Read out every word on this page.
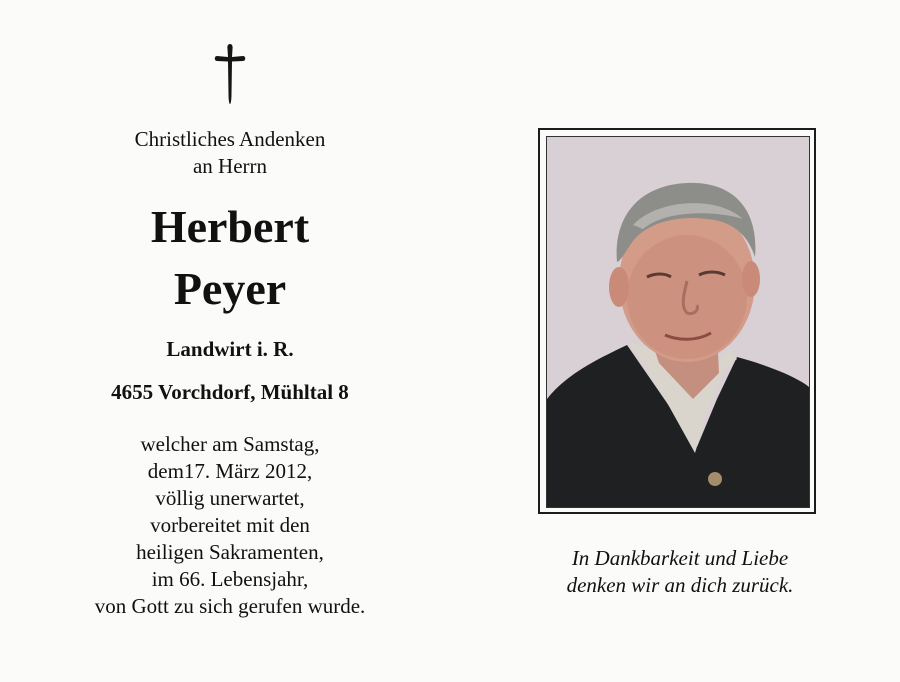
Christliches Andenken
an Herrn
Herbert
Peyer
Landwirt i. R.
4655 Vorchdorf, Mühltal 8
welcher am Samstag,
dem17. März 2012,
völlig unerwartet,
vorbereitet mit den
heiligen Sakramenten,
im 66. Lebensjahr,
von Gott zu sich gerufen wurde.
In Dankbarkeit und Liebe
denken wir an dich zurück.
